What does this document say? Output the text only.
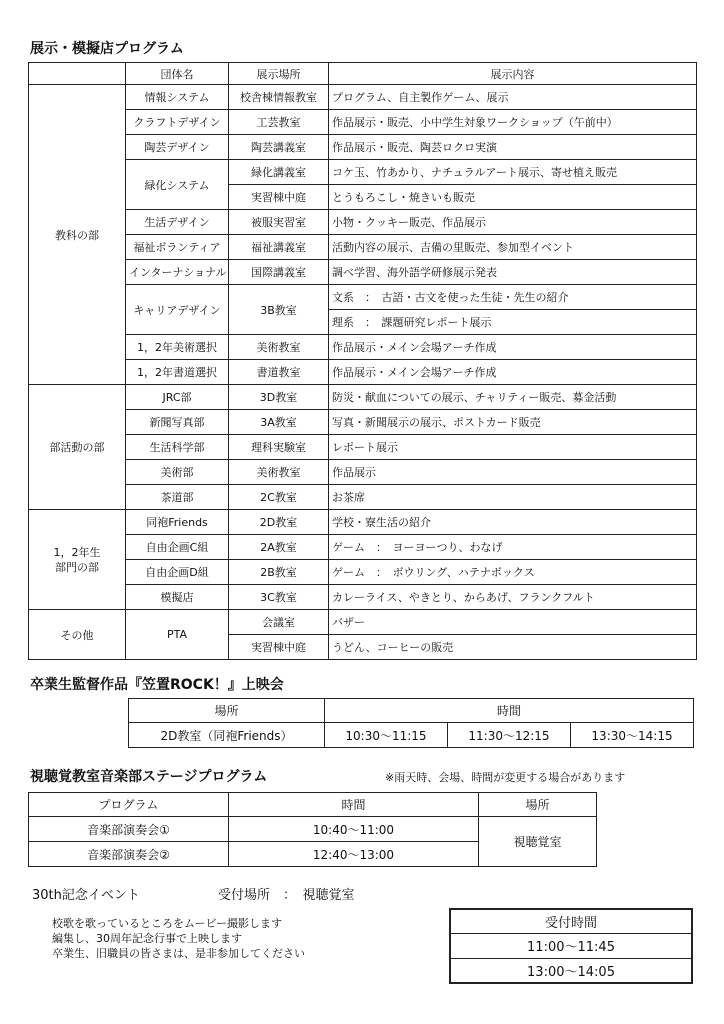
展示・模擬店プログラム
	団体名	展示場所	展示内容
教科の部	情報システム	校舎棟情報教室	プログラム、自主製作ゲーム、展示
	クラフトデザイン	工芸教室	作品展示・販売、小中学生対象ワークショップ（午前中）
	陶芸デザイン	陶芸講義室	作品展示・販売、陶芸ロクロ実演
	緑化システム	緑化講義室	コケ玉、竹あかり、ナチュラルアート展示、寄せ植え販売
		実習棟中庭	とうもろこし・焼きいも販売
	生活デザイン	被服実習室	小物・クッキー販売、作品展示
	福祉ボランティア	福祉講義室	活動内容の展示、吉備の里販売、参加型イベント
	インターナショナル	国際講義室	調べ学習、海外語学研修展示発表
	キャリアデザイン	3B教室	文系　：　古語・古文を使った生徒・先生の紹介
			理系　：　課題研究レポート展示
	1，2年美術選択	美術教室	作品展示・メイン会場アーチ作成
	1，2年書道選択	書道教室	作品展示・メイン会場アーチ作成
部活動の部	JRC部	3D教室	防災・献血についての展示、チャリティー販売、募金活動
	新聞写真部	3A教室	写真・新聞展示の展示、ポストカード販売
	生活科学部	理科実験室	レポート展示
	美術部	美術教室	作品展示
	茶道部	2C教室	お茶席
1，2年生
部門の部	同袍Friends	2D教室	学校・寮生活の紹介
	自由企画C組	2A教室	ゲーム　：　ヨーヨーつり、わなげ
	自由企画D組	2B教室	ゲーム　：　ボウリング、ハテナボックス
	模擬店	3C教室	カレーライス、やきとり、からあげ、フランクフルト
その他	PTA	会議室	バザー
		実習棟中庭	うどん、コーヒーの販売
卒業生監督作品『笠置ROCK！』上映会
場所	時間		
2D教室（同袍Friends）	10:30～11:15	11:30～12:15	13:30～14:15
視聴覚教室音楽部ステージプログラム	※雨天時、会場、時間が変更する場合があります
プログラム	時間	場所
音楽部演奏会①	10:40～11:00	視聴覚室
音楽部演奏会②	12:40～13:00	
30th記念イベント	受付場所　：　視聴覚室
校歌を歌っているところをムービー撮影します
編集し、30周年記念行事で上映します
卒業生、旧職員の皆さまは、是非参加してください
受付時間
11:00～11:45
13:00～14:05
